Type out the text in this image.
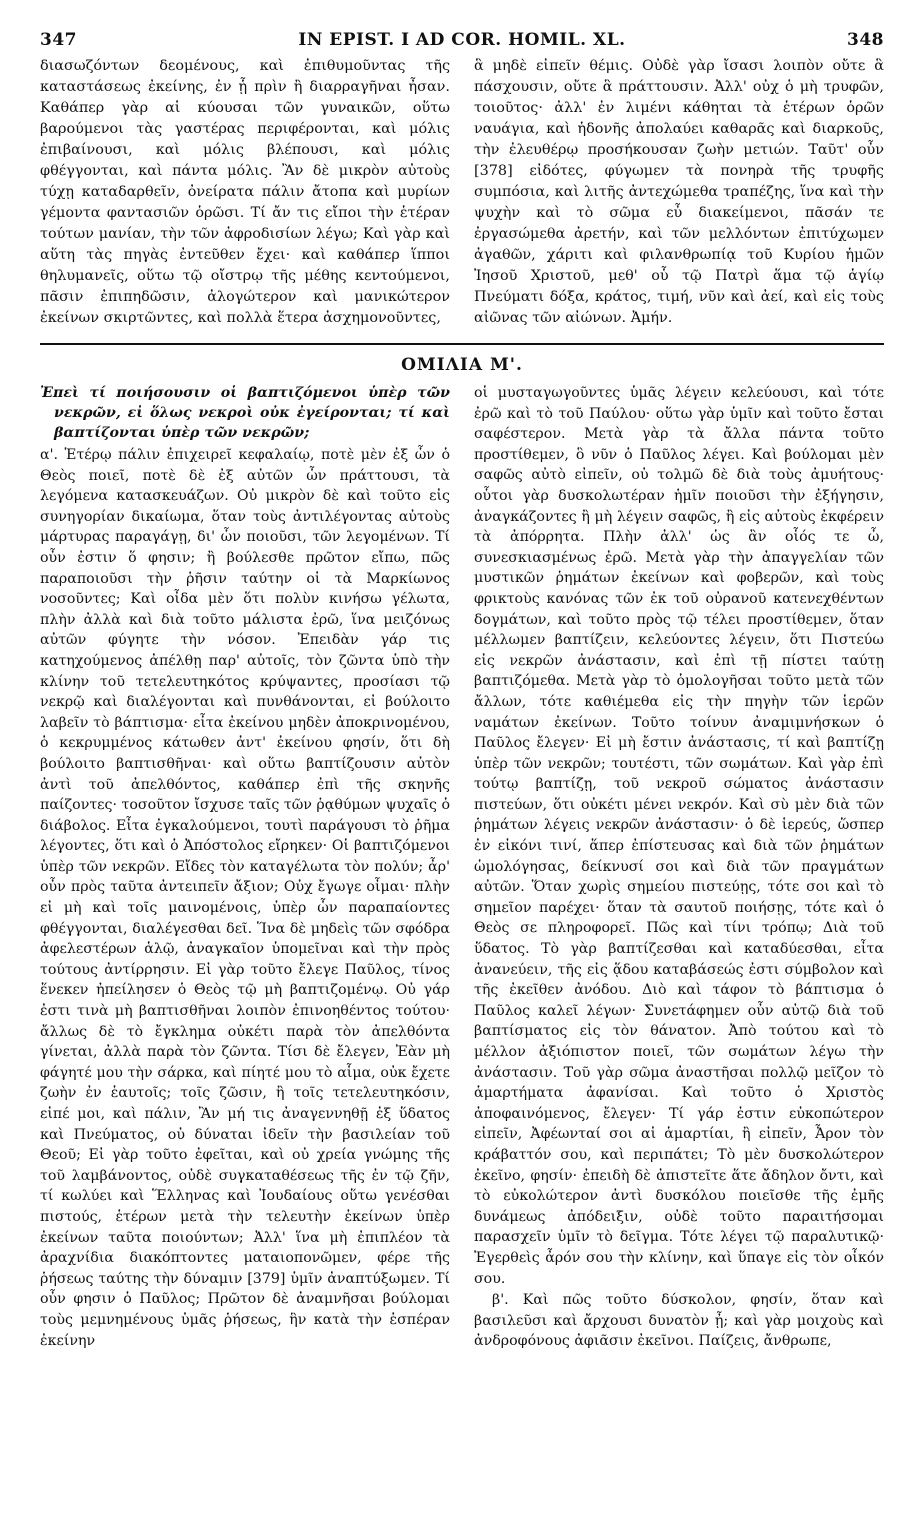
347	IN EPIST. I AD COR. HOMIL. XL.	348

διασωζόντων δεομένους, καὶ ἐπιθυμοῦντας τῆς καταστάσεως ἐκείνης, ἐν ᾗ πρὶν ἢ διαρραγῆναι ἦσαν. Καθάπερ γὰρ αἱ κύουσαι τῶν γυναικῶν, οὕτω βαρούμενοι τὰς γαστέρας περιφέρονται, καὶ μόλις ἐπιβαίνουσι, καὶ μόλις βλέπουσι, καὶ μόλις φθέγγονται, καὶ πάντα μόλις. Ἂν δὲ μικρὸν αὐτοὺς τύχῃ καταδαρθεῖν, ὀνείρατα πάλιν ἄτοπα καὶ μυρίων γέμοντα φαντασιῶν ὁρῶσι. Τί ἄν τις εἴποι τὴν ἑτέραν τούτων μανίαν, τὴν τῶν ἀφροδισίων λέγω; Καὶ γὰρ καὶ αὕτη τὰς πηγὰς ἐντεῦθεν ἔχει· καὶ καθάπερ ἵπποι θηλυμανεῖς, οὕτω τῷ οἴστρῳ τῆς μέθης κεντούμενοι, πᾶσιν ἐπιπηδῶσιν, ἀλογώτερον καὶ μανικώτερον ἐκείνων σκιρτῶντες, καὶ πολλὰ ἕτερα ἀσχημονοῦντες,

ἃ μηδὲ εἰπεῖν θέμις. Οὐδὲ γὰρ ἴσασι λοιπὸν οὔτε ἃ πάσχουσιν, οὔτε ἃ πράττουσιν. Ἀλλ' οὐχ ὁ μὴ τρυφῶν, τοιοῦτος· ἀλλ' ἐν λιμένι κάθηται τὰ ἑτέρων ὁρῶν ναυάγια, καὶ ἡδονῆς ἀπολαύει καθαρᾶς καὶ διαρκοῦς, τὴν ἐλευθέρῳ προσήκουσαν ζωὴν μετιών. Ταῦτ' οὖν [378] εἰδότες, φύγωμεν τὰ πονηρὰ τῆς τρυφῆς συμπόσια, καὶ λιτῆς ἀντεχώμεθα τραπέζης, ἵνα καὶ τὴν ψυχὴν καὶ τὸ σῶμα εὖ διακείμενοι, πᾶσάν τε ἐργασώμεθα ἀρετήν, καὶ τῶν μελλόντων ἐπιτύχωμεν ἀγαθῶν, χάριτι καὶ φιλανθρωπίᾳ τοῦ Κυρίου ἡμῶν Ἰησοῦ Χριστοῦ, μεθ' οὗ τῷ Πατρὶ ἅμα τῷ ἁγίῳ Πνεύματι δόξα, κράτος, τιμή, νῦν καὶ ἀεί, καὶ εἰς τοὺς αἰῶνας τῶν αἰώνων. Ἀμήν.

ΟΜΙΛΙΑ Μ'.
Ἐπεὶ τί ποιήσουσιν οἱ βαπτιζόμενοι ὑπὲρ τῶν νεκρῶν, εἰ ὅλως νεκροὶ οὐκ ἐγείρονται; τί καὶ βαπτίζονται ὑπὲρ τῶν νεκρῶν;

α'. Ἑτέρῳ πάλιν ἐπιχειρεῖ κεφαλαίῳ, ποτὲ μὲν ἐξ ὧν ὁ Θεὸς ποιεῖ, ποτὲ δὲ ἐξ αὐτῶν ὧν πράττουσι, τὰ λεγόμενα κατασκευάζων. Οὐ μικρὸν δὲ καὶ τοῦτο εἰς συνηγορίαν δικαίωμα, ὅταν τοὺς ἀντιλέγοντας αὐτοὺς μάρτυρας παραγάγῃ, δι' ὧν ποιοῦσι, τῶν λεγομένων. Τί οὖν ἐστιν ὅ φησιν; ἢ βούλεσθε πρῶτον εἴπω, πῶς παραποιοῦσι τὴν ῥῆσιν ταύτην οἱ τὰ Μαρκίωνος νοσοῦντες; Καὶ οἶδα μὲν ὅτι πολὺν κινήσω γέλωτα, πλὴν ἀλλὰ καὶ διὰ τοῦτο μάλιστα ἐρῶ, ἵνα μειζόνως αὐτῶν φύγητε τὴν νόσον. Ἐπειδὰν γάρ τις κατηχούμενος ἀπέλθῃ παρ' αὐτοῖς, τὸν ζῶντα ὑπὸ τὴν κλίνην τοῦ τετελευτηκότος κρύψαντες, προσίασι τῷ νεκρῷ καὶ διαλέγονται καὶ πυνθάνονται, εἰ βούλοιτο λαβεῖν τὸ βάπτισμα· εἶτα ἐκείνου μηδὲν ἀποκρινομένου, ὁ κεκρυμμένος κάτωθεν ἀντ' ἐκείνου φησίν, ὅτι δὴ βούλοιτο βαπτισθῆναι· καὶ οὕτω βαπτίζουσιν αὐτὸν ἀντὶ τοῦ ἀπελθόντος, καθάπερ ἐπὶ τῆς σκηνῆς παίζοντες· τοσοῦτον ἴσχυσε ταῖς τῶν ῥᾳθύμων ψυχαῖς ὁ διάβολος. Εἶτα ἐγκαλούμενοι, τουτὶ παράγουσι τὸ ῥῆμα λέγοντες, ὅτι καὶ ὁ Ἀπόστολος εἴρηκεν· Οἱ βαπτιζόμενοι ὑπὲρ τῶν νεκρῶν. Εἴδες τὸν καταγέλωτα τὸν πολύν; ἆρ' οὖν πρὸς ταῦτα ἀντειπεῖν ἄξιον; Οὐχ ἔγωγε οἶμαι· πλὴν εἰ μὴ καὶ τοῖς μαινομένοις, ὑπὲρ ὧν παραπαίοντες φθέγγονται, διαλέγεσθαι δεῖ. Ἵνα δὲ μηδεὶς τῶν σφόδρα ἀφελεστέρων ἁλῷ, ἀναγκαῖον ὑπομεῖναι καὶ τὴν πρὸς τούτους ἀντίρρησιν. Εἰ γὰρ τοῦτο ἔλεγε Παῦλος, τίνος ἕνεκεν ἠπείλησεν ὁ Θεὸς τῷ μὴ βαπτιζομένῳ. Οὐ γάρ ἐστι τινὰ μὴ βαπτισθῆναι λοιπὸν ἐπινοηθέντος τούτου· ἄλλως δὲ τὸ ἔγκλημα οὐκέτι παρὰ τὸν ἀπελθόντα γίνεται, ἀλλὰ παρὰ τὸν ζῶντα. Τίσι δὲ ἔλεγεν, Ἐὰν μὴ φάγητέ μου τὴν σάρκα, καὶ πίητέ μου τὸ αἷμα, οὐκ ἔχετε ζωὴν ἐν ἑαυτοῖς; τοῖς ζῶσιν, ἢ τοῖς τετελευτηκόσιν, εἰπέ μοι, καὶ πάλιν, Ἂν μή τις ἀναγεννηθῇ ἐξ ὕδατος καὶ Πνεύματος, οὐ δύναται ἰδεῖν τὴν βασιλείαν τοῦ Θεοῦ; Εἰ γὰρ τοῦτο ἐφεῖται, καὶ οὐ χρεία γνώμης τῆς τοῦ λαμβάνοντος, οὐδὲ συγκαταθέσεως τῆς ἐν τῷ ζῆν, τί κωλύει καὶ Ἕλληνας καὶ Ἰουδαίους οὕτω γενέσθαι πιστούς, ἑτέρων μετὰ τὴν τελευτὴν ἐκείνων ὑπὲρ ἐκείνων ταῦτα ποιούντων; Ἀλλ' ἵνα μὴ ἐπιπλέον τὰ ἀραχνίδια διακόπτοντες ματαιοπονῶμεν, φέρε τῆς ῥήσεως ταύτης τὴν δύναμιν [379] ὑμῖν ἀναπτύξωμεν. Τί οὖν φησιν ὁ Παῦλος; Πρῶτον δὲ ἀναμνῆσαι βούλομαι τοὺς μεμνημένους ὑμᾶς ῥήσεως, ἣν κατὰ τὴν ἑσπέραν ἐκείνην

οἱ μυσταγωγοῦντες ὑμᾶς λέγειν κελεύουσι, καὶ τότε ἐρῶ καὶ τὸ τοῦ Παύλου· οὕτω γὰρ ὑμῖν καὶ τοῦτο ἔσται σαφέστερον. Μετὰ γὰρ τὰ ἄλλα πάντα τοῦτο προστίθεμεν, ὃ νῦν ὁ Παῦλος λέγει. Καὶ βούλομαι μὲν σαφῶς αὐτὸ εἰπεῖν, οὐ τολμῶ δὲ διὰ τοὺς ἀμυήτους· οὗτοι γὰρ δυσκολωτέραν ἡμῖν ποιοῦσι τὴν ἐξήγησιν, ἀναγκάζοντες ἢ μὴ λέγειν σαφῶς, ἢ εἰς αὐτοὺς ἐκφέρειν τὰ ἀπόρρητα. Πλὴν ἀλλ' ὡς ἂν οἷός τε ὦ, συνεσκιασμένως ἐρῶ. Μετὰ γὰρ τὴν ἀπαγγελίαν τῶν μυστικῶν ῥημάτων ἐκείνων καὶ φοβερῶν, καὶ τοὺς φρικτοὺς κανόνας τῶν ἐκ τοῦ οὐρανοῦ κατενεχθέντων δογμάτων, καὶ τοῦτο πρὸς τῷ τέλει προστίθεμεν, ὅταν μέλλωμεν βαπτίζειν, κελεύοντες λέγειν, ὅτι Πιστεύω εἰς νεκρῶν ἀνάστασιν, καὶ ἐπὶ τῇ πίστει ταύτῃ βαπτιζόμεθα. Μετὰ γὰρ τὸ ὁμολογῆσαι τοῦτο μετὰ τῶν ἄλλων, τότε καθιέμεθα εἰς τὴν πηγὴν τῶν ἱερῶν ναμάτων ἐκείνων. Τοῦτο τοίνυν ἀναμιμνήσκων ὁ Παῦλος ἔλεγεν· Εἰ μὴ ἔστιν ἀνάστασις, τί καὶ βαπτίζῃ ὑπὲρ τῶν νεκρῶν; τουτέστι, τῶν σωμάτων. Καὶ γὰρ ἐπὶ τούτῳ βαπτίζῃ, τοῦ νεκροῦ σώματος ἀνάστασιν πιστεύων, ὅτι οὐκέτι μένει νεκρόν. Καὶ σὺ μὲν διὰ τῶν ῥημάτων λέγεις νεκρῶν ἀνάστασιν· ὁ δὲ ἱερεύς, ὥσπερ ἐν εἰκόνι τινί, ἅπερ ἐπίστευσας καὶ διὰ τῶν ῥημάτων ὡμολόγησας, δείκνυσί σοι καὶ διὰ τῶν πραγμάτων αὐτῶν. Ὅταν χωρὶς σημείου πιστεύῃς, τότε σοι καὶ τὸ σημεῖον παρέχει· ὅταν τὰ σαυτοῦ ποιήσῃς, τότε καὶ ὁ Θεὸς σε πληροφορεῖ. Πῶς καὶ τίνι τρόπῳ; Διὰ τοῦ ὕδατος. Τὸ γὰρ βαπτίζεσθαι καὶ καταδύεσθαι, εἶτα ἀνανεύειν, τῆς εἰς ᾅδου καταβάσεώς ἐστι σύμβολον καὶ τῆς ἐκεῖθεν ἀνόδου. Διὸ καὶ τάφον τὸ βάπτισμα ὁ Παῦλος καλεῖ λέγων· Συνετάφημεν οὖν αὐτῷ διὰ τοῦ βαπτίσματος εἰς τὸν θάνατον. Ἀπὸ τούτου καὶ τὸ μέλλον ἀξιόπιστον ποιεῖ, τῶν σωμάτων λέγω τὴν ἀνάστασιν. Τοῦ γὰρ σῶμα ἀναστῆσαι πολλῷ μεῖζον τὸ ἁμαρτήματα ἀφανίσαι. Καὶ τοῦτο ὁ Χριστὸς ἀποφαινόμενος, ἔλεγεν· Τί γάρ ἐστιν εὐκοπώτερον εἰπεῖν, Ἀφέωνταί σοι αἱ ἁμαρτίαι, ἢ εἰπεῖν, Ἆρον τὸν κράβαττόν σου, καὶ περιπάτει; Τὸ μὲν δυσκολώτερον ἐκεῖνο, φησίν· ἐπειδὴ δὲ ἀπιστεῖτε ἅτε ἄδηλον ὄντι, καὶ τὸ εὐκολώτερον ἀντὶ δυσκόλου ποιεῖσθε τῆς ἐμῆς δυνάμεως ἀπόδειξιν, οὐδὲ τοῦτο παραιτήσομαι παρασχεῖν ὑμῖν τὸ δεῖγμα. Τότε λέγει τῷ παραλυτικῷ· Ἐγερθεὶς ἆρόν σου τὴν κλίνην, καὶ ὕπαγε εἰς τὸν οἶκόν σου.

β'. Καὶ πῶς τοῦτο δύσκολον, φησίν, ὅταν καὶ βασιλεῦσι καὶ ἄρχουσι δυνατὸν ᾖ; καὶ γὰρ μοιχοὺς καὶ ἀνδροφόνους ἀφιᾶσιν ἐκεῖνοι. Παίζεις, ἄνθρωπε,
